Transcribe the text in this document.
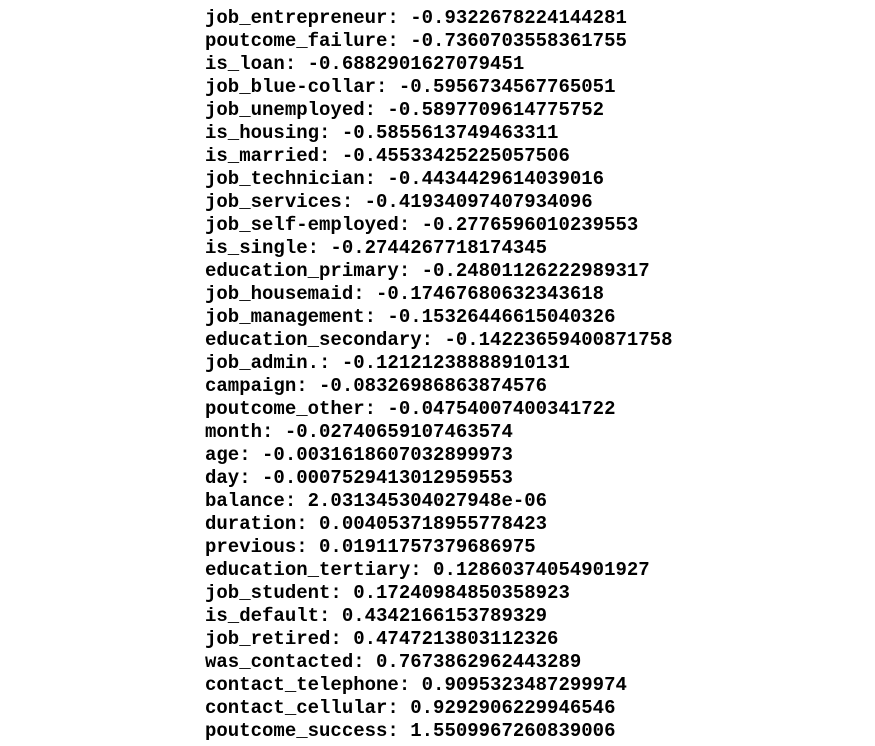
job_entrepreneur: -0.9322678224144281
poutcome_failure: -0.7360703558361755
is_loan: -0.6882901627079451
job_blue-collar: -0.5956734567765051
job_unemployed: -0.5897709614775752
is_housing: -0.5855613749463311
is_married: -0.45533425225057506
job_technician: -0.4434429614039016
job_services: -0.41934097407934096
job_self-employed: -0.2776596010239553
is_single: -0.2744267718174345
education_primary: -0.24801126222989317
job_housemaid: -0.17467680632343618
job_management: -0.15326446615040326
education_secondary: -0.14223659400871758
job_admin.: -0.12121238888910131
campaign: -0.08326986863874576
poutcome_other: -0.04754007400341722
month: -0.02740659107463574
age: -0.0031618607032899973
day: -0.0007529413012959553
balance: 2.031345304027948e-06
duration: 0.004053718955778423
previous: 0.01911757379686975
education_tertiary: 0.12860374054901927
job_student: 0.17240984850358923
is_default: 0.4342166153789329
job_retired: 0.4747213803112326
was_contacted: 0.7673862962443289
contact_telephone: 0.9095323487299974
contact_cellular: 0.9292906229946546
poutcome_success: 1.5509967260839006
